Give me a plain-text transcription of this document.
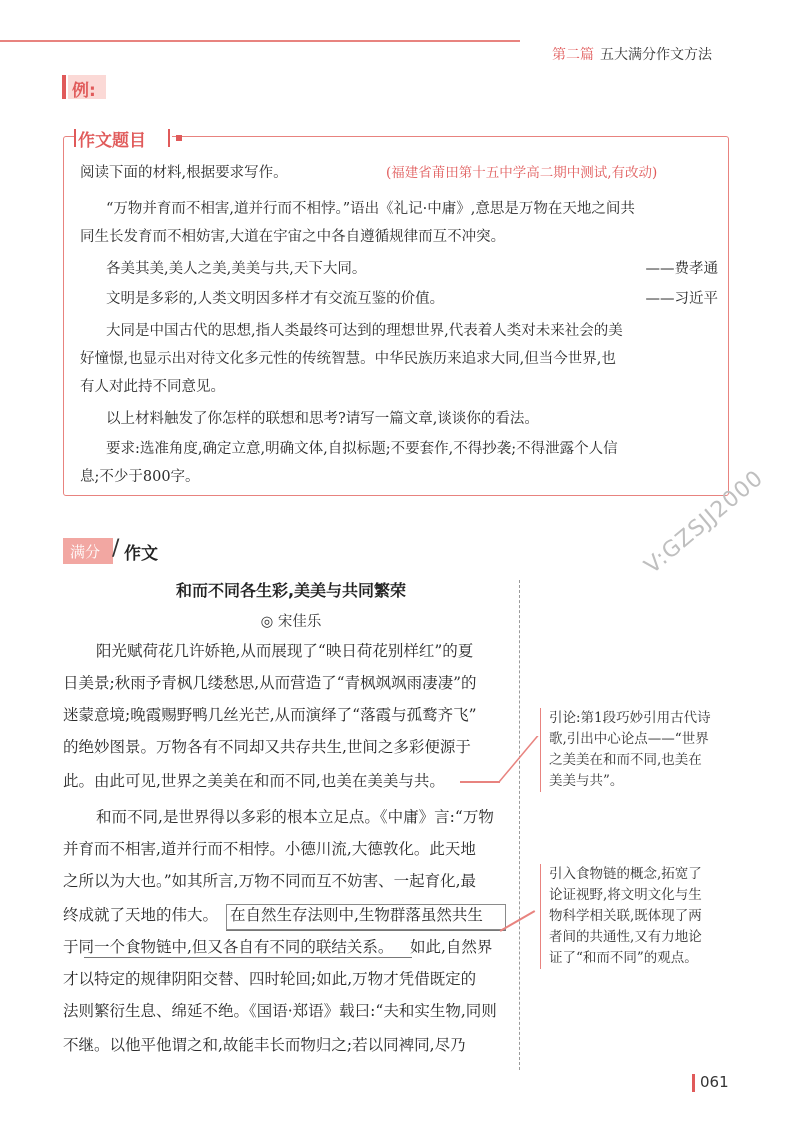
第二篇 五大满分作文方法
例:
作文题目
阅读下面的材料,根据要求写作。	(福建省莆田第十五中学高二期中测试,有改动)
“万物并育而不相害,道并行而不相悖。”语出《礼记·中庸》,意思是万物在天地之间共
同生长发育而不相妨害,大道在宇宙之中各自遵循规律而互不冲突。
各美其美,美人之美,美美与共,天下大同。	——费孝通
文明是多彩的,人类文明因多样才有交流互鉴的价值。	——习近平
大同是中国古代的思想,指人类最终可达到的理想世界,代表着人类对未来社会的美
好憧憬,也显示出对待文化多元性的传统智慧。中华民族历来追求大同,但当今世界,也
有人对此持不同意见。
以上材料触发了你怎样的联想和思考?请写一篇文章,谈谈你的看法。
要求:选准角度,确定立意,明确文体,自拟标题;不要套作,不得抄袭;不得泄露个人信
息;不少于800字。
满分 / 作文	V:GZSJJ2000
和而不同各生彩,美美与共同繁荣
◎ 宋佳乐
阳光赋荷花几许娇艳,从而展现了“映日荷花别样红”的夏
日美景;秋雨予青枫几缕愁思,从而营造了“青枫飒飒雨凄凄”的
迷蒙意境;晚霞赐野鸭几丝光芒,从而演绎了“落霞与孤鹜齐飞”
的绝妙图景。万物各有不同却又共存共生,世间之多彩便源于
此。由此可见,世界之美美在和而不同,也美在美美与共。
和而不同,是世界得以多彩的根本立足点。《中庸》言:“万物
并育而不相害,道并行而不相悖。小德川流,大德敦化。此天地
之所以为大也。”如其所言,万物不同而互不妨害、一起育化,最
终成就了天地的伟大。 在自然生存法则中,生物群落虽然共生
于同一个食物链中,但又各自有不同的联结关系。 如此,自然界
才以特定的规律阴阳交替、四时轮回;如此,万物才凭借既定的
法则繁衍生息、绵延不绝。《国语·郑语》载曰:“夫和实生物,同则
不继。以他平他谓之和,故能丰长而物归之;若以同裨同,尽乃
引论:第1段巧妙引用古代诗
歌,引出中心论点——“世界
之美美在和而不同,也美在
美美与共”。
引入食物链的概念,拓宽了
论证视野,将文明文化与生
物科学相关联,既体现了两
者间的共通性,又有力地论
证了“和而不同”的观点。
061
